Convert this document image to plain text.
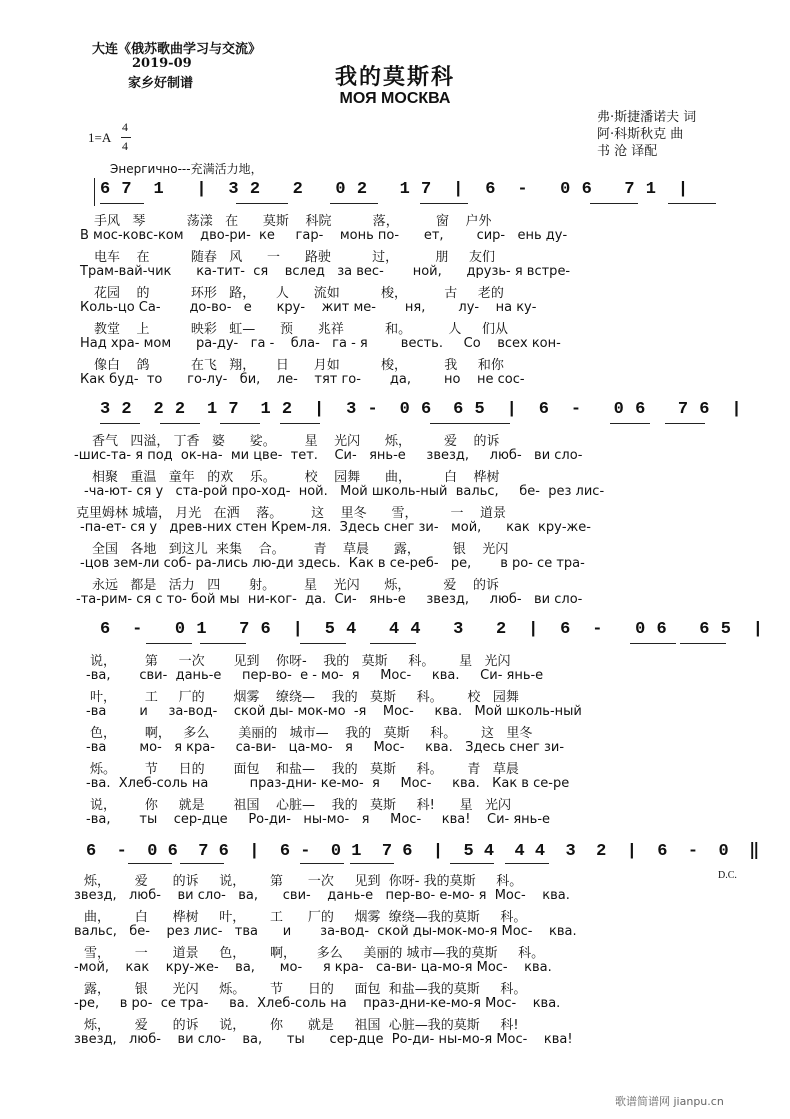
大连《俄苏歌曲学习与交流》
2019-09
家乡好制谱	我的莫斯科
МОЯ МОСКВА
弗·斯捷潘诺夫 词
阿·科斯秋克 曲
书 沧 译配
1=A
4
4
Энергично---充满活力地，
6 7  1   |  3 2   2   0 2   1 7  |  6  -   0 6   7 1  |
手风   琴          荡漾   在      莫斯    科院          落，         窗    户外
В мос-ковс-ком    дво-ри-  ке     гар-    монь по-      ет,        сир-   ень ду-
电车    在          随春   风      一      路驶          过，         朋     友们
Трам-вай-чик      ка-тит-  ся    вслед   за вес-       ной,      друзь- я встре-
花园    的          环形   路，     人      流如          梭，         古     老的
Коль-цо Са-       до-во-   е      кру-    жит ме-       ня,        лу-    на ку-
教堂    上          映彩   虹—      预      兆祥          和。         人     们从
Над хра- мом      ра-ду-   га -    бла-   га - я        весть.     Со    всех кон-
像白    鸽          在飞   翔，     日      月如          梭，         我     和你
Как буд-  то      го-лу-   би,    ле-    тят го-       да,        но    не сос-
3 2  2 2  1 7  1 2  |  3 -  0 6  6 5  |  6  -   0 6   7 6  |
香气   四溢， 丁香   婆      娑。       星    光闪      烁，        爱    的诉
-шис-та- я под  ок-на-  ми цве-  тет.    Си-   янь-е     звезд,     люб-   ви сло-
相聚   重温   童年   的欢    乐。       校    园舞      曲，        白    桦树
-ча-ют- ся у   ста-рой про-ход-  ной.   Мой школь-ный  вальс,     бе-  рез лис-
克里姆林 城墙， 月光   在洒    落。       这    里冬      雪，        一    道景
-па-ет- ся у   древ-них стен Крем-ля.  Здесь снег зи-   мой,      как  кру-же-
全国   各地   到这儿  来集    合。       青    草晨      露，        银    光闪
-цов зем-ли соб- ра-лись лю-ди здесь.  Как в се-реб-   ре,       в ро- се тра-
永远   都是   活力   四       射。       星    光闪      烁，        爱    的诉
-та-рим- ся с то- бой мы  ни-ког-  да.  Си-   янь-е     звезд,     люб-   ви сло-
6  -   0 1   7 6  |  5 4   4 4   3   2  |  6  -   0 6   6 5  |
说，       第     一次       见到    你呀-    我的   莫斯     科。      星   光闪
-ва,       сви-  дань-е     пер-во-  е - мо-  я     Мос-     ква.     Си- янь-е
叶，       工     厂的       烟雾    缭绕—    我的   莫斯     科。      校   园舞
-ва        и     за-вод-    ской ды- мок-мо  -я    Мос-     ква.   Мой школь-ный
色，       啊，   多么       美丽的   城市—    我的   莫斯     科。      这   里冬
-ва        мо-   я кра-     са-ви-   ца-мо-   я     Мос-     ква.   Здесь снег зи-
烁。       节     日的       面包    和盐—    我的   莫斯     科。      青   草晨
-ва.  Хлеб-соль на          праз-дни- ке-мо-  я     Мос-     ква.   Как в се-ре
说，       你     就是       祖国    心脏—    我的   莫斯     科!      星   光闪
-ва,       ты    сер-дце     Ро-ди-   ны-мо-   я     Мос-     ква!    Си- янь-е
6  -  0 6  7 6  |  6 -  0 1  7 6  |  5 4  4 4  3  2  |  6  -  0  ‖
烁，      爱      的诉     说，      第      一次     见到  你呀- 我的莫斯     科。
звезд,   люб-    ви сло-   ва,      сви-    дань-е   пер-во- е-мо- я  Мос-    ква.
曲，      白      桦树     叶，      工      厂的     烟雾  缭绕—我的莫斯     科。
вальс,   бе-    рез лис-   тва      и       за-вод-  ской ды-мок-мо-я Мос-    ква.
雪，      一      道景     色，      啊，     多么     美丽的 城市—我的莫斯     科。
-мой,    как    кру-же-    ва,      мо-     я кра-   са-ви- ца-мо-я Мос-    ква.
露，      银      光闪     烁。      节      日的     面包  和盐—我的莫斯     科。
-ре,     в ро-  се тра-     ва.  Хлеб-соль на    праз-дни-ке-мо-я Мос-    ква.
烁，      爱      的诉     说，      你      就是     祖国  心脏—我的莫斯     科!
звезд,   люб-    ви сло-    ва,      ты      сер-дце  Ро-ди- ны-мо-я Мос-    ква!
D.C.
歌谱简谱网 jianpu.cn
